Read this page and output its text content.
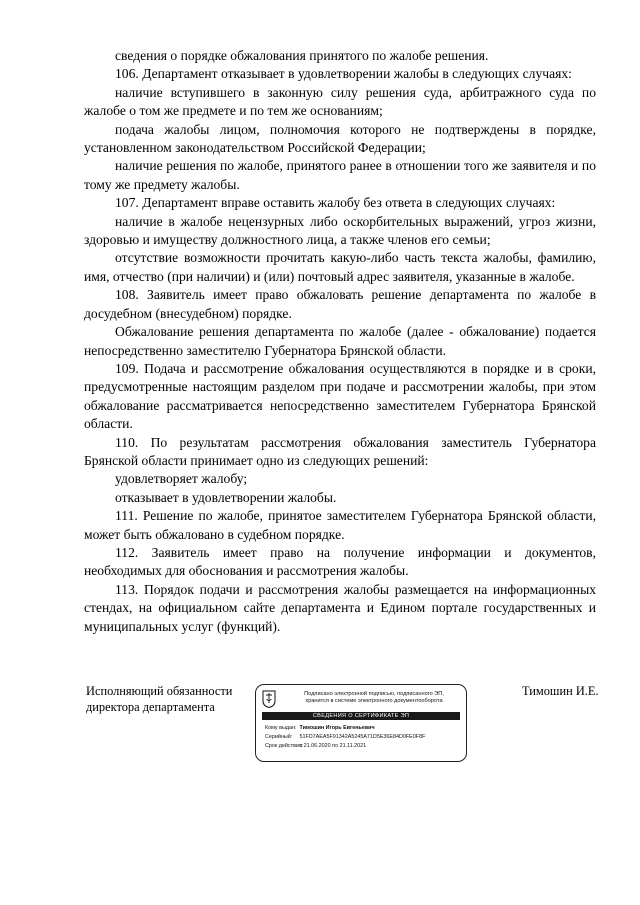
сведения о порядке обжалования принятого по жалобе решения.

106. Департамент отказывает в удовлетворении жалобы в следующих случаях:

наличие вступившего в законную силу решения суда, арбитражного суда по жалобе о том же предмете и по тем же основаниям;

подача жалобы лицом, полномочия которого не подтверждены в порядке, установленном законодательством Российской Федерации;

наличие решения по жалобе, принятого ранее в отношении того же заявителя и по тому же предмету жалобы.

107. Департамент вправе оставить жалобу без ответа в следующих случаях:

наличие в жалобе нецензурных либо оскорбительных выражений, угроз жизни, здоровью и имуществу должностного лица, а также членов его семьи;

отсутствие возможности прочитать какую-либо часть текста жалобы, фамилию, имя, отчество (при наличии) и (или) почтовый адрес заявителя, указанные в жалобе.

108. Заявитель имеет право обжаловать решение департамента по жалобе в досудебном (внесудебном) порядке.

Обжалование решения департамента по жалобе (далее - обжалование) подается непосредственно заместителю Губернатора Брянской области.

109. Подача и рассмотрение обжалования осуществляются в порядке и в сроки, предусмотренные настоящим разделом при подаче и рассмотрении жалобы, при этом обжалование рассматривается непосредственно заместителем Губернатора Брянской области.

110. По результатам рассмотрения обжалования заместитель Губернатора Брянской области принимает одно из следующих решений:

удовлетворяет жалобу;

отказывает в удовлетворении жалобы.

111. Решение по жалобе, принятое заместителем Губернатора Брянской области, может быть обжаловано в судебном порядке.

112. Заявитель имеет право на получение информации и документов, необходимых для обоснования и рассмотрения жалобы.

113. Порядок подачи и рассмотрения жалобы размещается на информационных стендах, на официальном сайте департамента и Едином портале государственных и муниципальных услуг (функций).

Исполняющий обязанности
директора департамента
Подписано электронной подписью, подписанного ЭП,
хранится в системе электронного документооборота
СВЕДЕНИЯ О СЕРТИФИКАТЕ ЭП
Кому выдан: Тимошин Игорь Евгеньевич
Серийный: 51FD7AEA5F91342A5245A71D5E36E84D0FE0F8F
Срок действия: с 21.06.2020 по 21.11.2021
Тимошин И.Е.
